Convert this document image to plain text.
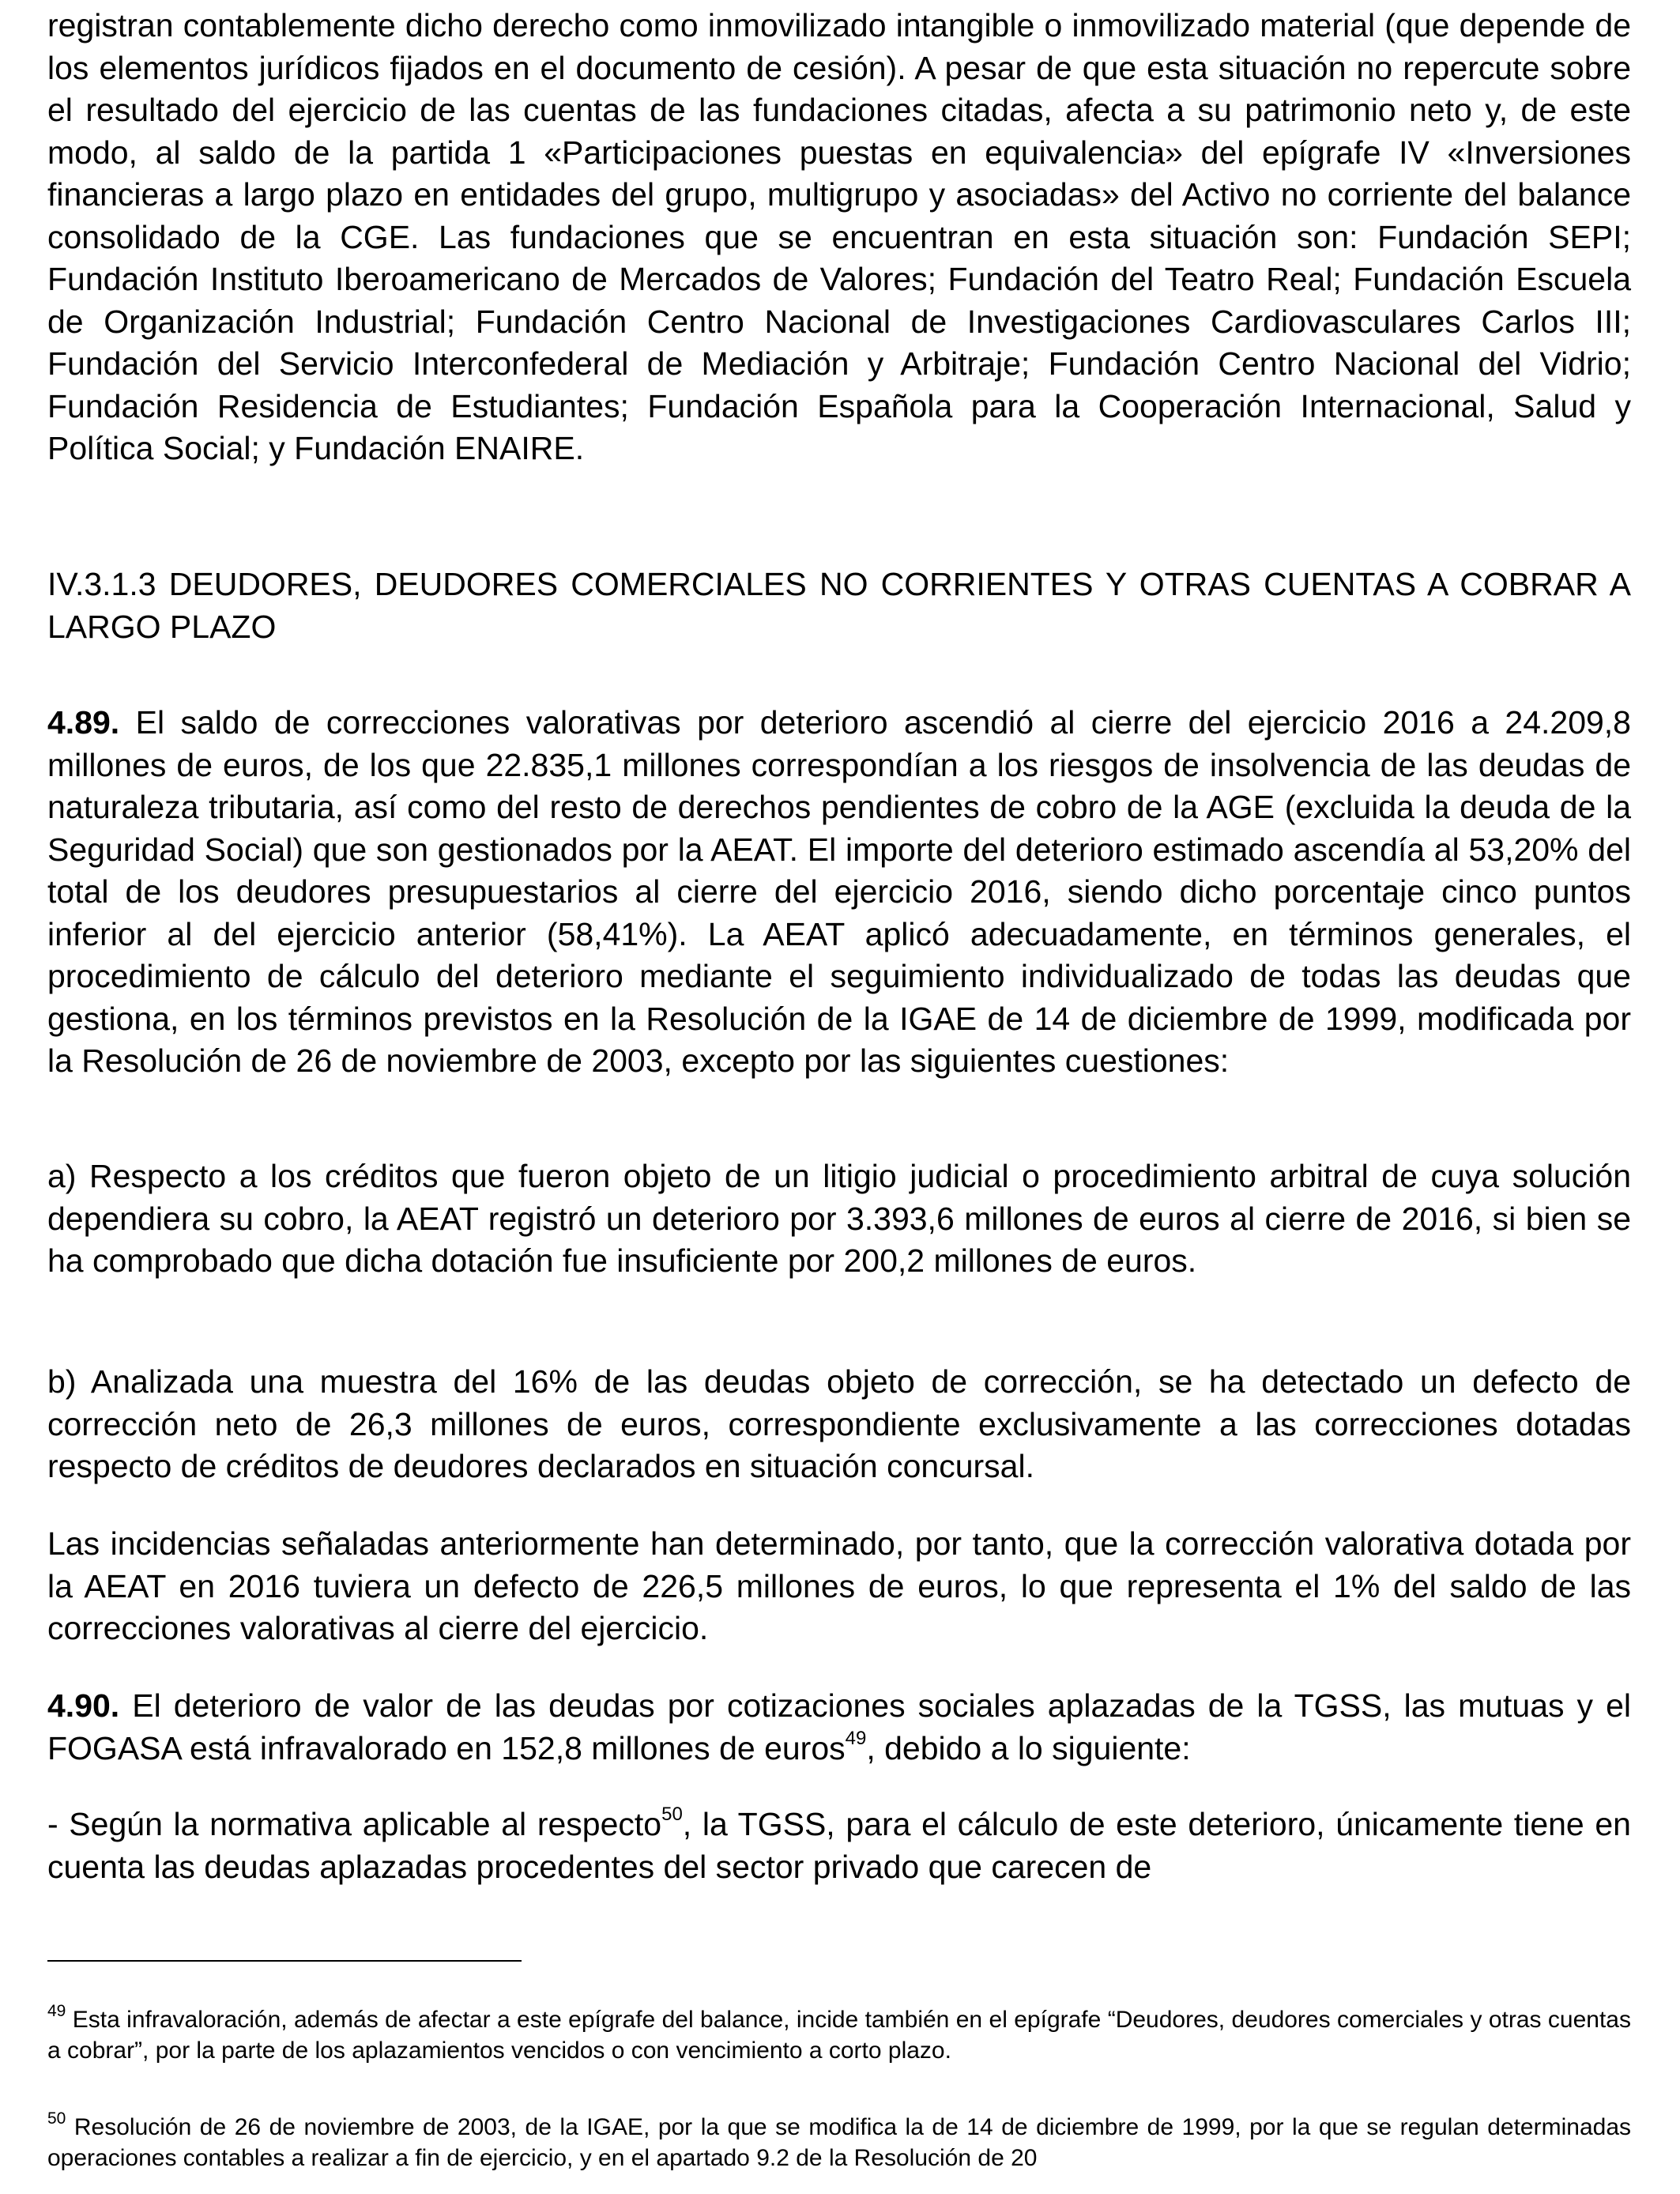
registran contablemente dicho derecho como inmovilizado intangible o inmovilizado material (que depende de los elementos jurídicos fijados en el documento de cesión). A pesar de que esta situación no repercute sobre el resultado del ejercicio de las cuentas de las fundaciones citadas, afecta a su patrimonio neto y, de este modo, al saldo de la partida 1 «Participaciones puestas en equivalencia» del epígrafe IV «Inversiones financieras a largo plazo en entidades del grupo, multigrupo y asociadas» del Activo no corriente del balance consolidado de la CGE. Las fundaciones que se encuentran en esta situación son: Fundación SEPI; Fundación Instituto Iberoamericano de Mercados de Valores; Fundación del Teatro Real; Fundación Escuela de Organización Industrial; Fundación Centro Nacional de Investigaciones Cardiovasculares Carlos III; Fundación del Servicio Interconfederal de Mediación y Arbitraje; Fundación Centro Nacional del Vidrio; Fundación Residencia de Estudiantes; Fundación Española para la Cooperación Internacional, Salud y Política Social; y Fundación ENAIRE.

IV.3.1.3 DEUDORES, DEUDORES COMERCIALES NO CORRIENTES Y OTRAS CUENTAS A COBRAR A LARGO PLAZO

4.89. El saldo de correcciones valorativas por deterioro ascendió al cierre del ejercicio 2016 a 24.209,8 millones de euros, de los que 22.835,1 millones correspondían a los riesgos de insolvencia de las deudas de naturaleza tributaria, así como del resto de derechos pendientes de cobro de la AGE (excluida la deuda de la Seguridad Social) que son gestionados por la AEAT. El importe del deterioro estimado ascendía al 53,20% del total de los deudores presupuestarios al cierre del ejercicio 2016, siendo dicho porcentaje cinco puntos inferior al del ejercicio anterior (58,41%). La AEAT aplicó adecuadamente, en términos generales, el procedimiento de cálculo del deterioro mediante el seguimiento individualizado de todas las deudas que gestiona, en los términos previstos en la Resolución de la IGAE de 14 de diciembre de 1999, modificada por la Resolución de 26 de noviembre de 2003, excepto por las siguientes cuestiones:

a) Respecto a los créditos que fueron objeto de un litigio judicial o procedimiento arbitral de cuya solución dependiera su cobro, la AEAT registró un deterioro por 3.393,6 millones de euros al cierre de 2016, si bien se ha comprobado que dicha dotación fue insuficiente por 200,2 millones de euros.

b) Analizada una muestra del 16% de las deudas objeto de corrección, se ha detectado un defecto de corrección neto de 26,3 millones de euros, correspondiente exclusivamente a las correcciones dotadas respecto de créditos de deudores declarados en situación concursal.

Las incidencias señaladas anteriormente han determinado, por tanto, que la corrección valorativa dotada por la AEAT en 2016 tuviera un defecto de 226,5 millones de euros, lo que representa el 1% del saldo de las correcciones valorativas al cierre del ejercicio.

4.90. El deterioro de valor de las deudas por cotizaciones sociales aplazadas de la TGSS, las mutuas y el FOGASA está infravalorado en 152,8 millones de euros$^{49}$, debido a lo siguiente:

- Según la normativa aplicable al respecto$^{50}$, la TGSS, para el cálculo de este deterioro, únicamente tiene en cuenta las deudas aplazadas procedentes del sector privado que carecen de

$^{49}$ Esta infravaloración, además de afectar a este epígrafe del balance, incide también en el epígrafe “Deudores, deudores comerciales y otras cuentas a cobrar”, por la parte de los aplazamientos vencidos o con vencimiento a corto plazo.

$^{50}$ Resolución de 26 de noviembre de 2003, de la IGAE, por la que se modifica la de 14 de diciembre de 1999, por la que se regulan determinadas operaciones contables a realizar a fin de ejercicio, y en el apartado 9.2 de la Resolución de 20
